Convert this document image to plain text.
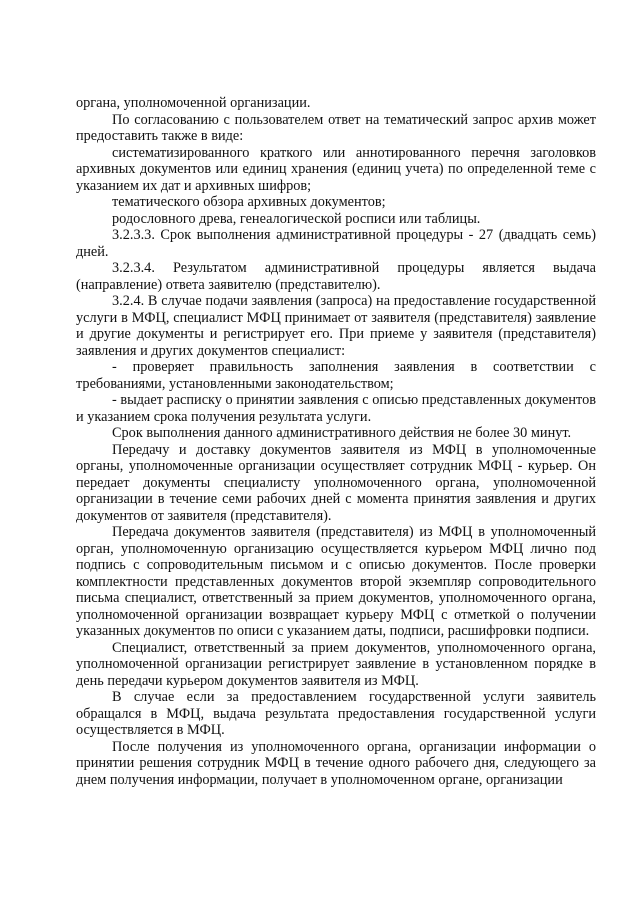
органа, уполномоченной организации.

По согласованию с пользователем ответ на тематический запрос архив может предоставить также в виде:

систематизированного краткого или аннотированного перечня заголовков архивных документов или единиц хранения (единиц учета) по определенной теме с указанием их дат и архивных шифров;

тематического обзора архивных документов;

родословного древа, генеалогической росписи или таблицы.

3.2.3.3. Срок выполнения административной процедуры - 27 (двадцать семь) дней.

3.2.3.4. Результатом административной процедуры является выдача (направление) ответа заявителю (представителю).

3.2.4. В случае подачи заявления (запроса) на предоставление государственной услуги в МФЦ, специалист МФЦ принимает от заявителя (представителя) заявление и другие документы и регистрирует его. При приеме у заявителя (представителя) заявления и других документов специалист:

- проверяет правильность заполнения заявления в соответствии с требованиями, установленными законодательством;

- выдает расписку о принятии заявления с описью представленных документов и указанием срока получения результата услуги.

Срок выполнения данного административного действия не более 30 минут.

Передачу и доставку документов заявителя из МФЦ в уполномоченные органы, уполномоченные организации осуществляет сотрудник МФЦ - курьер. Он передает документы специалисту уполномоченного органа, уполномоченной организации в течение семи рабочих дней с момента принятия заявления и других документов от заявителя (представителя).

Передача документов заявителя (представителя) из МФЦ в уполномоченный орган, уполномоченную организацию осуществляется курьером МФЦ лично под подпись с сопроводительным письмом и с описью документов. После проверки комплектности представленных документов второй экземпляр сопроводительного письма специалист, ответственный за прием документов, уполномоченного органа, уполномоченной организации возвращает курьеру МФЦ с отметкой о получении указанных документов по описи с указанием даты, подписи, расшифровки подписи.

Специалист, ответственный за прием документов, уполномоченного органа, уполномоченной организации регистрирует заявление в установленном порядке в день передачи курьером документов заявителя из МФЦ.

В случае если за предоставлением государственной услуги заявитель обращался в МФЦ, выдача результата предоставления государственной услуги осуществляется в МФЦ.

После получения из уполномоченного органа, организации информации о принятии решения сотрудник МФЦ в течение одного рабочего дня, следующего за днем получения информации, получает в уполномоченном органе, организации
